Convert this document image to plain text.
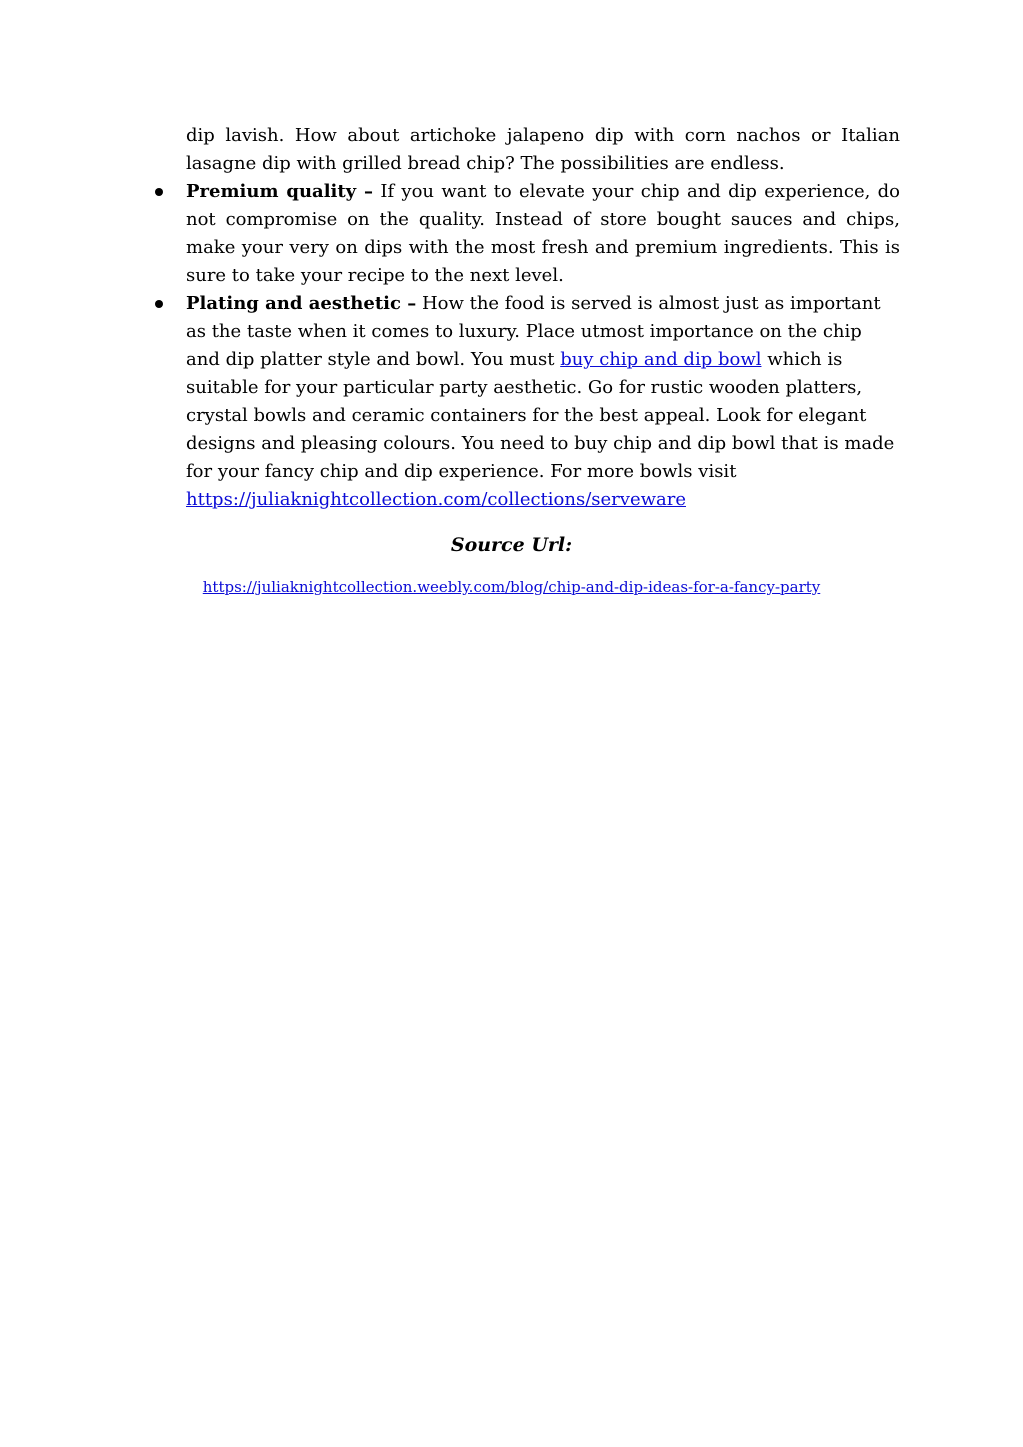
dip lavish. How about artichoke jalapeno dip with corn nachos or Italian lasagne dip with grilled bread chip? The possibilities are endless.

Premium quality – If you want to elevate your chip and dip experience, do not compromise on the quality. Instead of store bought sauces and chips, make your very on dips with the most fresh and premium ingredients. This is sure to take your recipe to the next level.
Plating and aesthetic – How the food is served is almost just as important as the taste when it comes to luxury. Place utmost importance on the chip and dip platter style and bowl. You must buy chip and dip bowl which is suitable for your particular party aesthetic. Go for rustic wooden platters, crystal bowls and ceramic containers for the best appeal. Look for elegant designs and pleasing colours. You need to buy chip and dip bowl that is made for your fancy chip and dip experience. For more bowls visit
https://juliaknightcollection.com/collections/serveware
Source Url:
https://juliaknightcollection.weebly.com/blog/chip-and-dip-ideas-for-a-fancy-party
